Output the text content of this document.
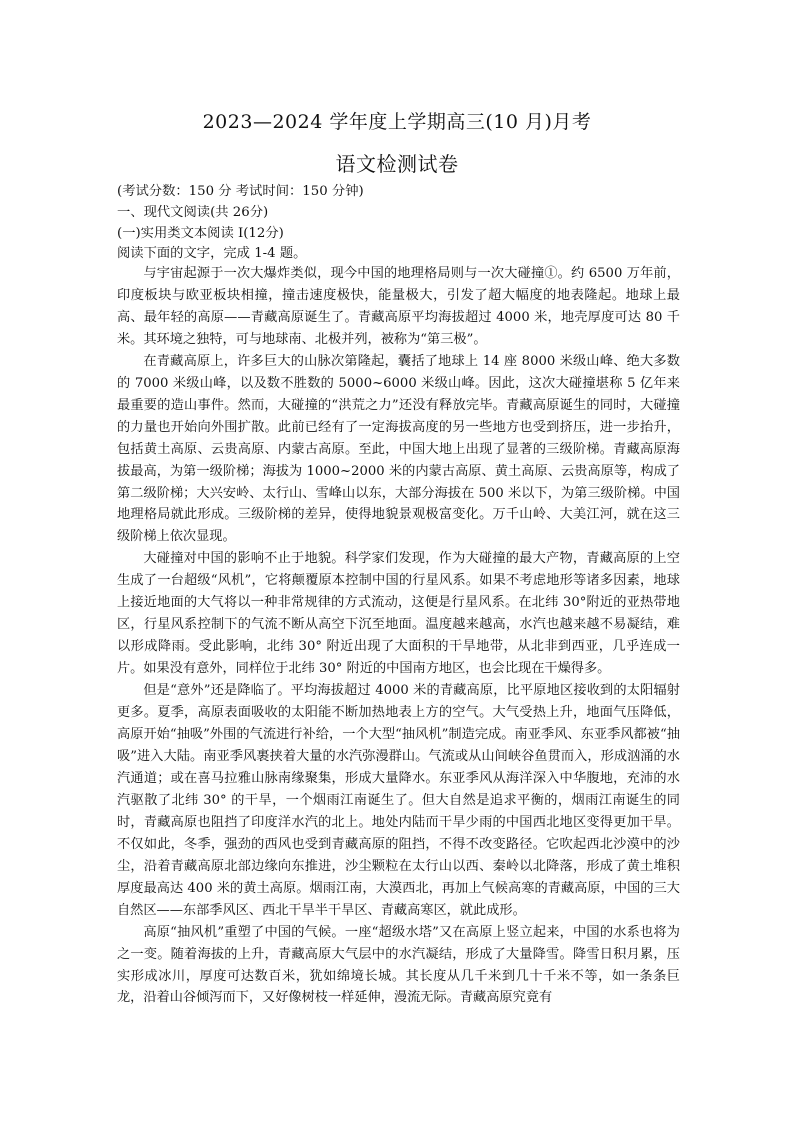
2023—2024 学年度上学期高三(10 月)月考
语文检测试卷
(考试分数：150 分 考试时间：150 分钟)
一、现代文阅读(共 26分)
(一)实用类文本阅读 I(12分)
阅读下面的文字，完成 1-4 题。

与宇宙起源于一次大爆炸类似，现今中国的地理格局则与一次大碰撞①。约 6500 万年前，印度板块与欧亚板块相撞，撞击速度极快，能量极大，引发了超大幅度的地表隆起。地球上最高、最年轻的高原——青藏高原诞生了。青藏高原平均海拔超过 4000 米，地壳厚度可达 80 千米。其环境之独特，可与地球南、北极并列，被称为“第三极”。

在青藏高原上，许多巨大的山脉次第隆起，囊括了地球上 14 座 8000 米级山峰、绝大多数的 7000 米级山峰，以及数不胜数的 5000~6000 米级山峰。因此，这次大碰撞堪称 5 亿年来最重要的造山事件。然而，大碰撞的“洪荒之力”还没有释放完毕。青藏高原诞生的同时，大碰撞的力量也开始向外围扩散。此前已经有了一定海拔高度的另一些地方也受到挤压，进一步抬升，包括黄土高原、云贵高原、内蒙古高原。至此，中国大地上出现了显著的三级阶梯。青藏高原海拔最高，为第一级阶梯；海拔为 1000~2000 米的内蒙古高原、黄土高原、云贵高原等，构成了第二级阶梯；大兴安岭、太行山、雪峰山以东，大部分海拔在 500 米以下，为第三级阶梯。中国地理格局就此形成。三级阶梯的差异，使得地貌景观极富变化。万千山岭、大美江河，就在这三级阶梯上依次显现。

大碰撞对中国的影响不止于地貌。科学家们发现，作为大碰撞的最大产物，青藏高原的上空生成了一台超级“风机”，它将颠覆原本控制中国的行星风系。如果不考虑地形等诸多因素，地球上接近地面的大气将以一种非常规律的方式流动，这便是行星风系。在北纬 30°附近的亚热带地区，行星风系控制下的气流不断从高空下沉至地面。温度越来越高，水汽也越来越不易凝结，难以形成降雨。受此影响，北纬 30° 附近出现了大面积的干旱地带，从北非到西亚，几乎连成一片。如果没有意外，同样位于北纬 30° 附近的中国南方地区，也会比现在干燥得多。

但是“意外”还是降临了。平均海拔超过 4000 米的青藏高原，比平原地区接收到的太阳辐射更多。夏季，高原表面吸收的太阳能不断加热地表上方的空气。大气受热上升，地面气压降低，高原开始“抽吸”外围的气流进行补给，一个大型“抽风机”制造完成。南亚季风、东亚季风都被“抽吸”进入大陆。南亚季风裹挟着大量的水汽弥漫群山。气流或从山间峡谷鱼贯而入，形成汹涌的水汽通道；或在喜马拉雅山脉南缘聚集，形成大量降水。东亚季风从海洋深入中华腹地，充沛的水汽驱散了北纬 30° 的干旱，一个烟雨江南诞生了。但大自然是追求平衡的，烟雨江南诞生的同时，青藏高原也阻挡了印度洋水汽的北上。地处内陆而干旱少雨的中国西北地区变得更加干旱。不仅如此，冬季，强劲的西风也受到青藏高原的阻挡，不得不改变路径。它吹起西北沙漠中的沙尘，沿着青藏高原北部边缘向东推进，沙尘颗粒在太行山以西、秦岭以北降落，形成了黄土堆积厚度最高达 400 米的黄土高原。烟雨江南，大漠西北，再加上气候高寒的青藏高原，中国的三大自然区——东部季风区、西北干旱半干旱区、青藏高寒区，就此成形。

高原“抽风机”重塑了中国的气候。一座“超级水塔”又在高原上竖立起来，中国的水系也将为之一变。随着海拔的上升，青藏高原大气层中的水汽凝结，形成了大量降雪。降雪日积月累，压实形成冰川，厚度可达数百米，犹如绵境长城。其长度从几千米到几十千米不等，如一条条巨龙，沿着山谷倾泻而下，又好像树枝一样延伸，漫流无际。青藏高原究竟有
